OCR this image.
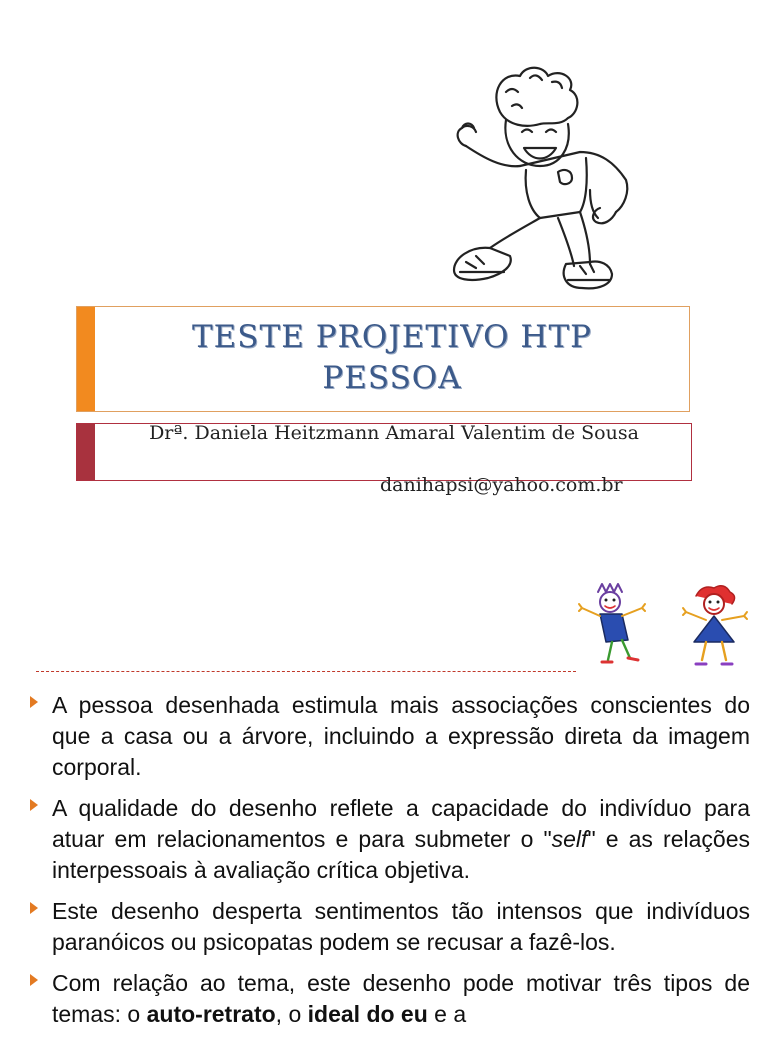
TESTE PROJETIVO HTP
PESSOA
Drª. Daniela Heitzmann Amaral Valentim de Sousa
danihapsi@yahoo.com.br
A pessoa desenhada estimula mais associações conscientes do que a casa ou a árvore, incluindo a expressão direta da imagem corporal.
A qualidade do desenho reflete a capacidade do indivíduo para atuar em relacionamentos e para submeter o "self" e as relações interpessoais à avaliação crítica objetiva.
Este desenho desperta sentimentos tão intensos que indivíduos paranóicos ou psicopatas podem se recusar a fazê-los.
Com relação ao tema, este desenho pode motivar três tipos de temas: o auto-retrato, o ideal do eu e a
